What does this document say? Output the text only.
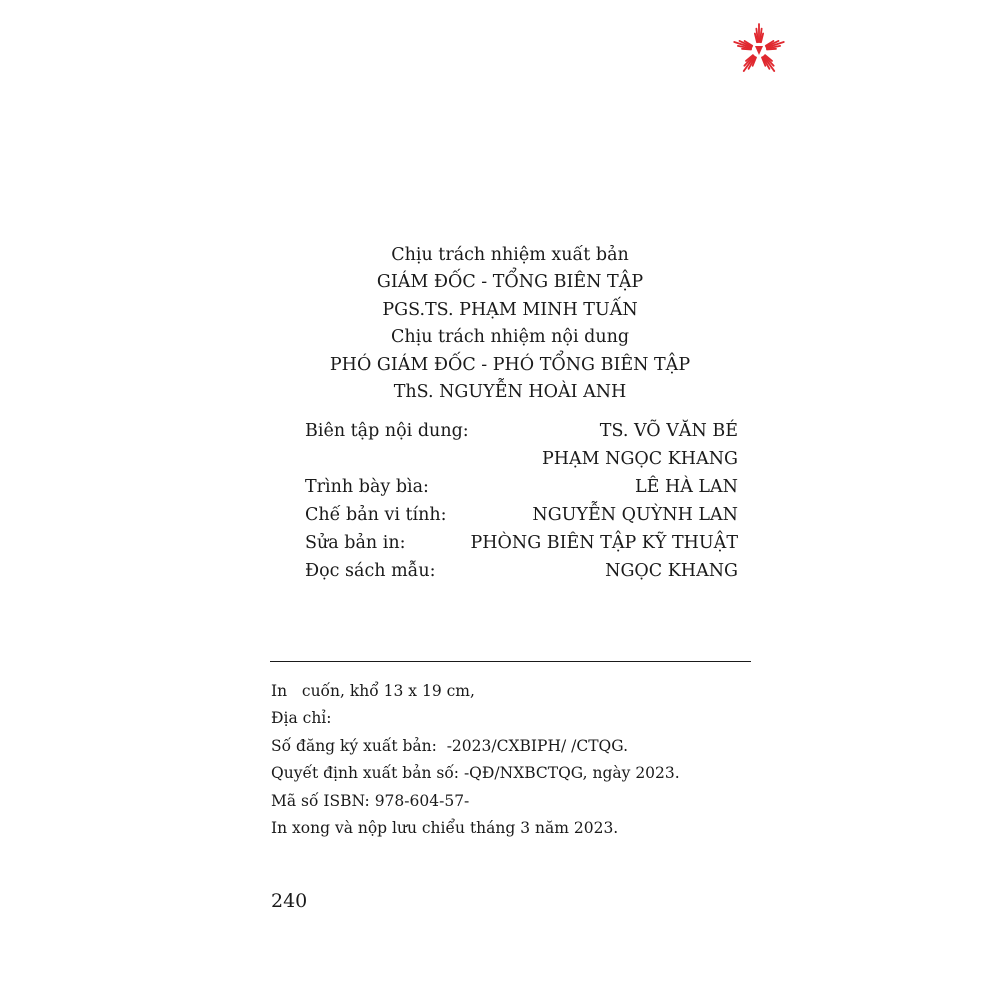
Chịu trách nhiệm xuất bản
GIÁM ĐỐC - TỔNG BIÊN TẬP
PGS.TS. PHẠM MINH TUẤN
Chịu trách nhiệm nội dung
PHÓ GIÁM ĐỐC - PHÓ TỔNG BIÊN TẬP
ThS. NGUYỄN HOÀI ANH
Biên tập nội dung:	TS. VÕ VĂN BÉ
PHẠM NGỌC KHANG
Trình bày bìa:	LÊ HÀ LAN
Chế bản vi tính:	NGUYỄN QUỲNH LAN
Sửa bản in:	PHÒNG BIÊN TẬP KỸ THUẬT
Đọc sách mẫu:	NGỌC KHANG
In   cuốn, khổ 13 x 19 cm,
Địa chỉ:
Số đăng ký xuất bản:  -2023/CXBIPH/ /CTQG.
Quyết định xuất bản số: -QĐ/NXBCTQG, ngày 2023.
Mã số ISBN: 978-604-57-
In xong và nộp lưu chiểu tháng 3 năm 2023.
240
